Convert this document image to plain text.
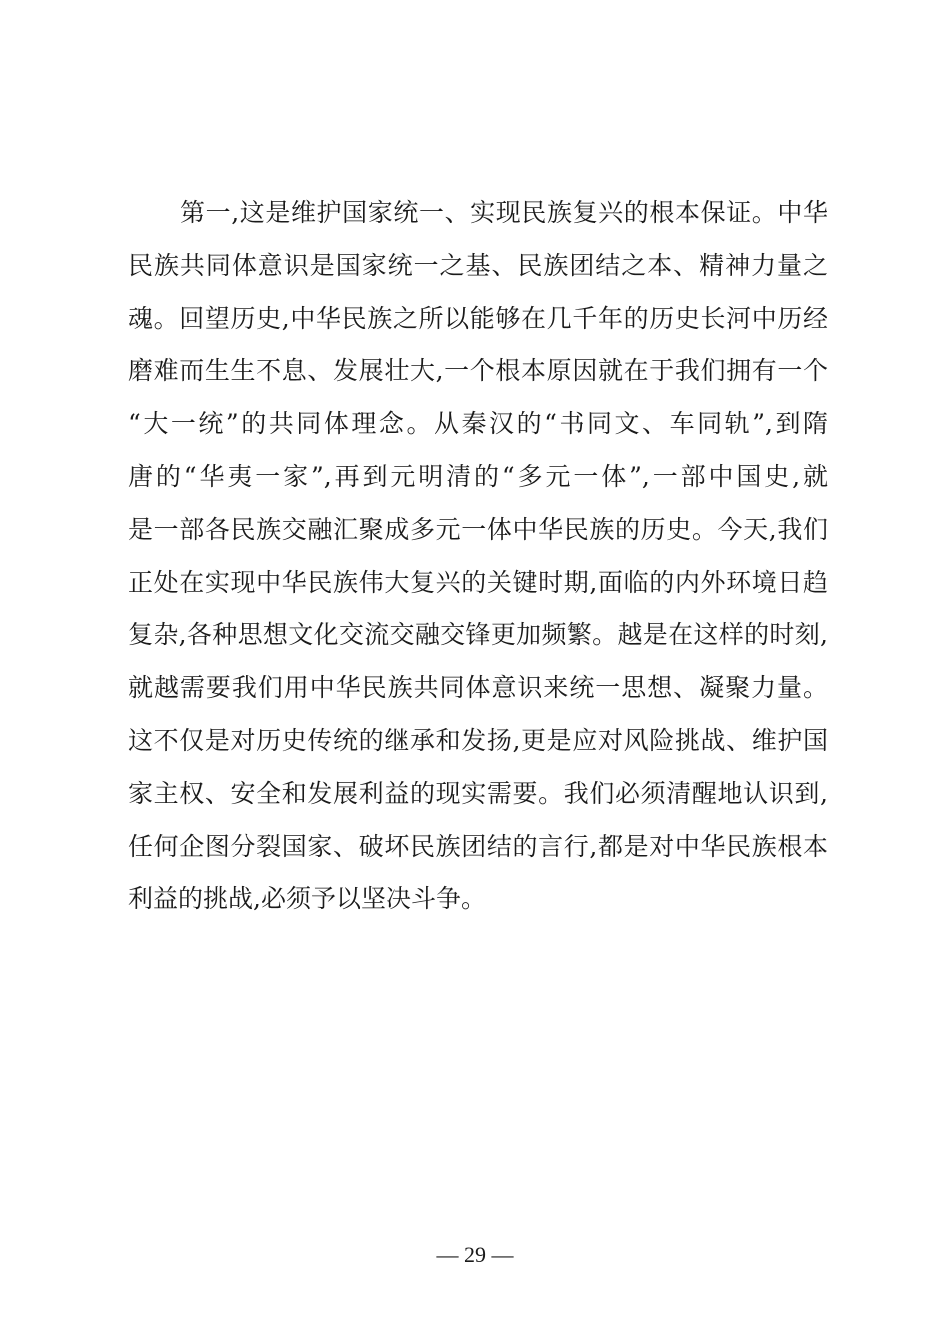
第一,这是维护国家统一、实现民族复兴的根本保证。中华
民族共同体意识是国家统一之基、民族团结之本、精神力量之
魂。回望历史,中华民族之所以能够在几千年的历史长河中历经
磨难而生生不息、发展壮大,一个根本原因就在于我们拥有一个
“大一统”的共同体理念。从秦汉的“书同文、车同轨”,到隋
唐的“华夷一家”,再到元明清的“多元一体”,一部中国史,就
是一部各民族交融汇聚成多元一体中华民族的历史。今天,我们
正处在实现中华民族伟大复兴的关键时期,面临的内外环境日趋
复杂,各种思想文化交流交融交锋更加频繁。越是在这样的时刻,
就越需要我们用中华民族共同体意识来统一思想、凝聚力量。
这不仅是对历史传统的继承和发扬,更是应对风险挑战、维护国
家主权、安全和发展利益的现实需要。我们必须清醒地认识到,
任何企图分裂国家、破坏民族团结的言行,都是对中华民族根本
利益的挑战,必须予以坚决斗争。
— 29 —
